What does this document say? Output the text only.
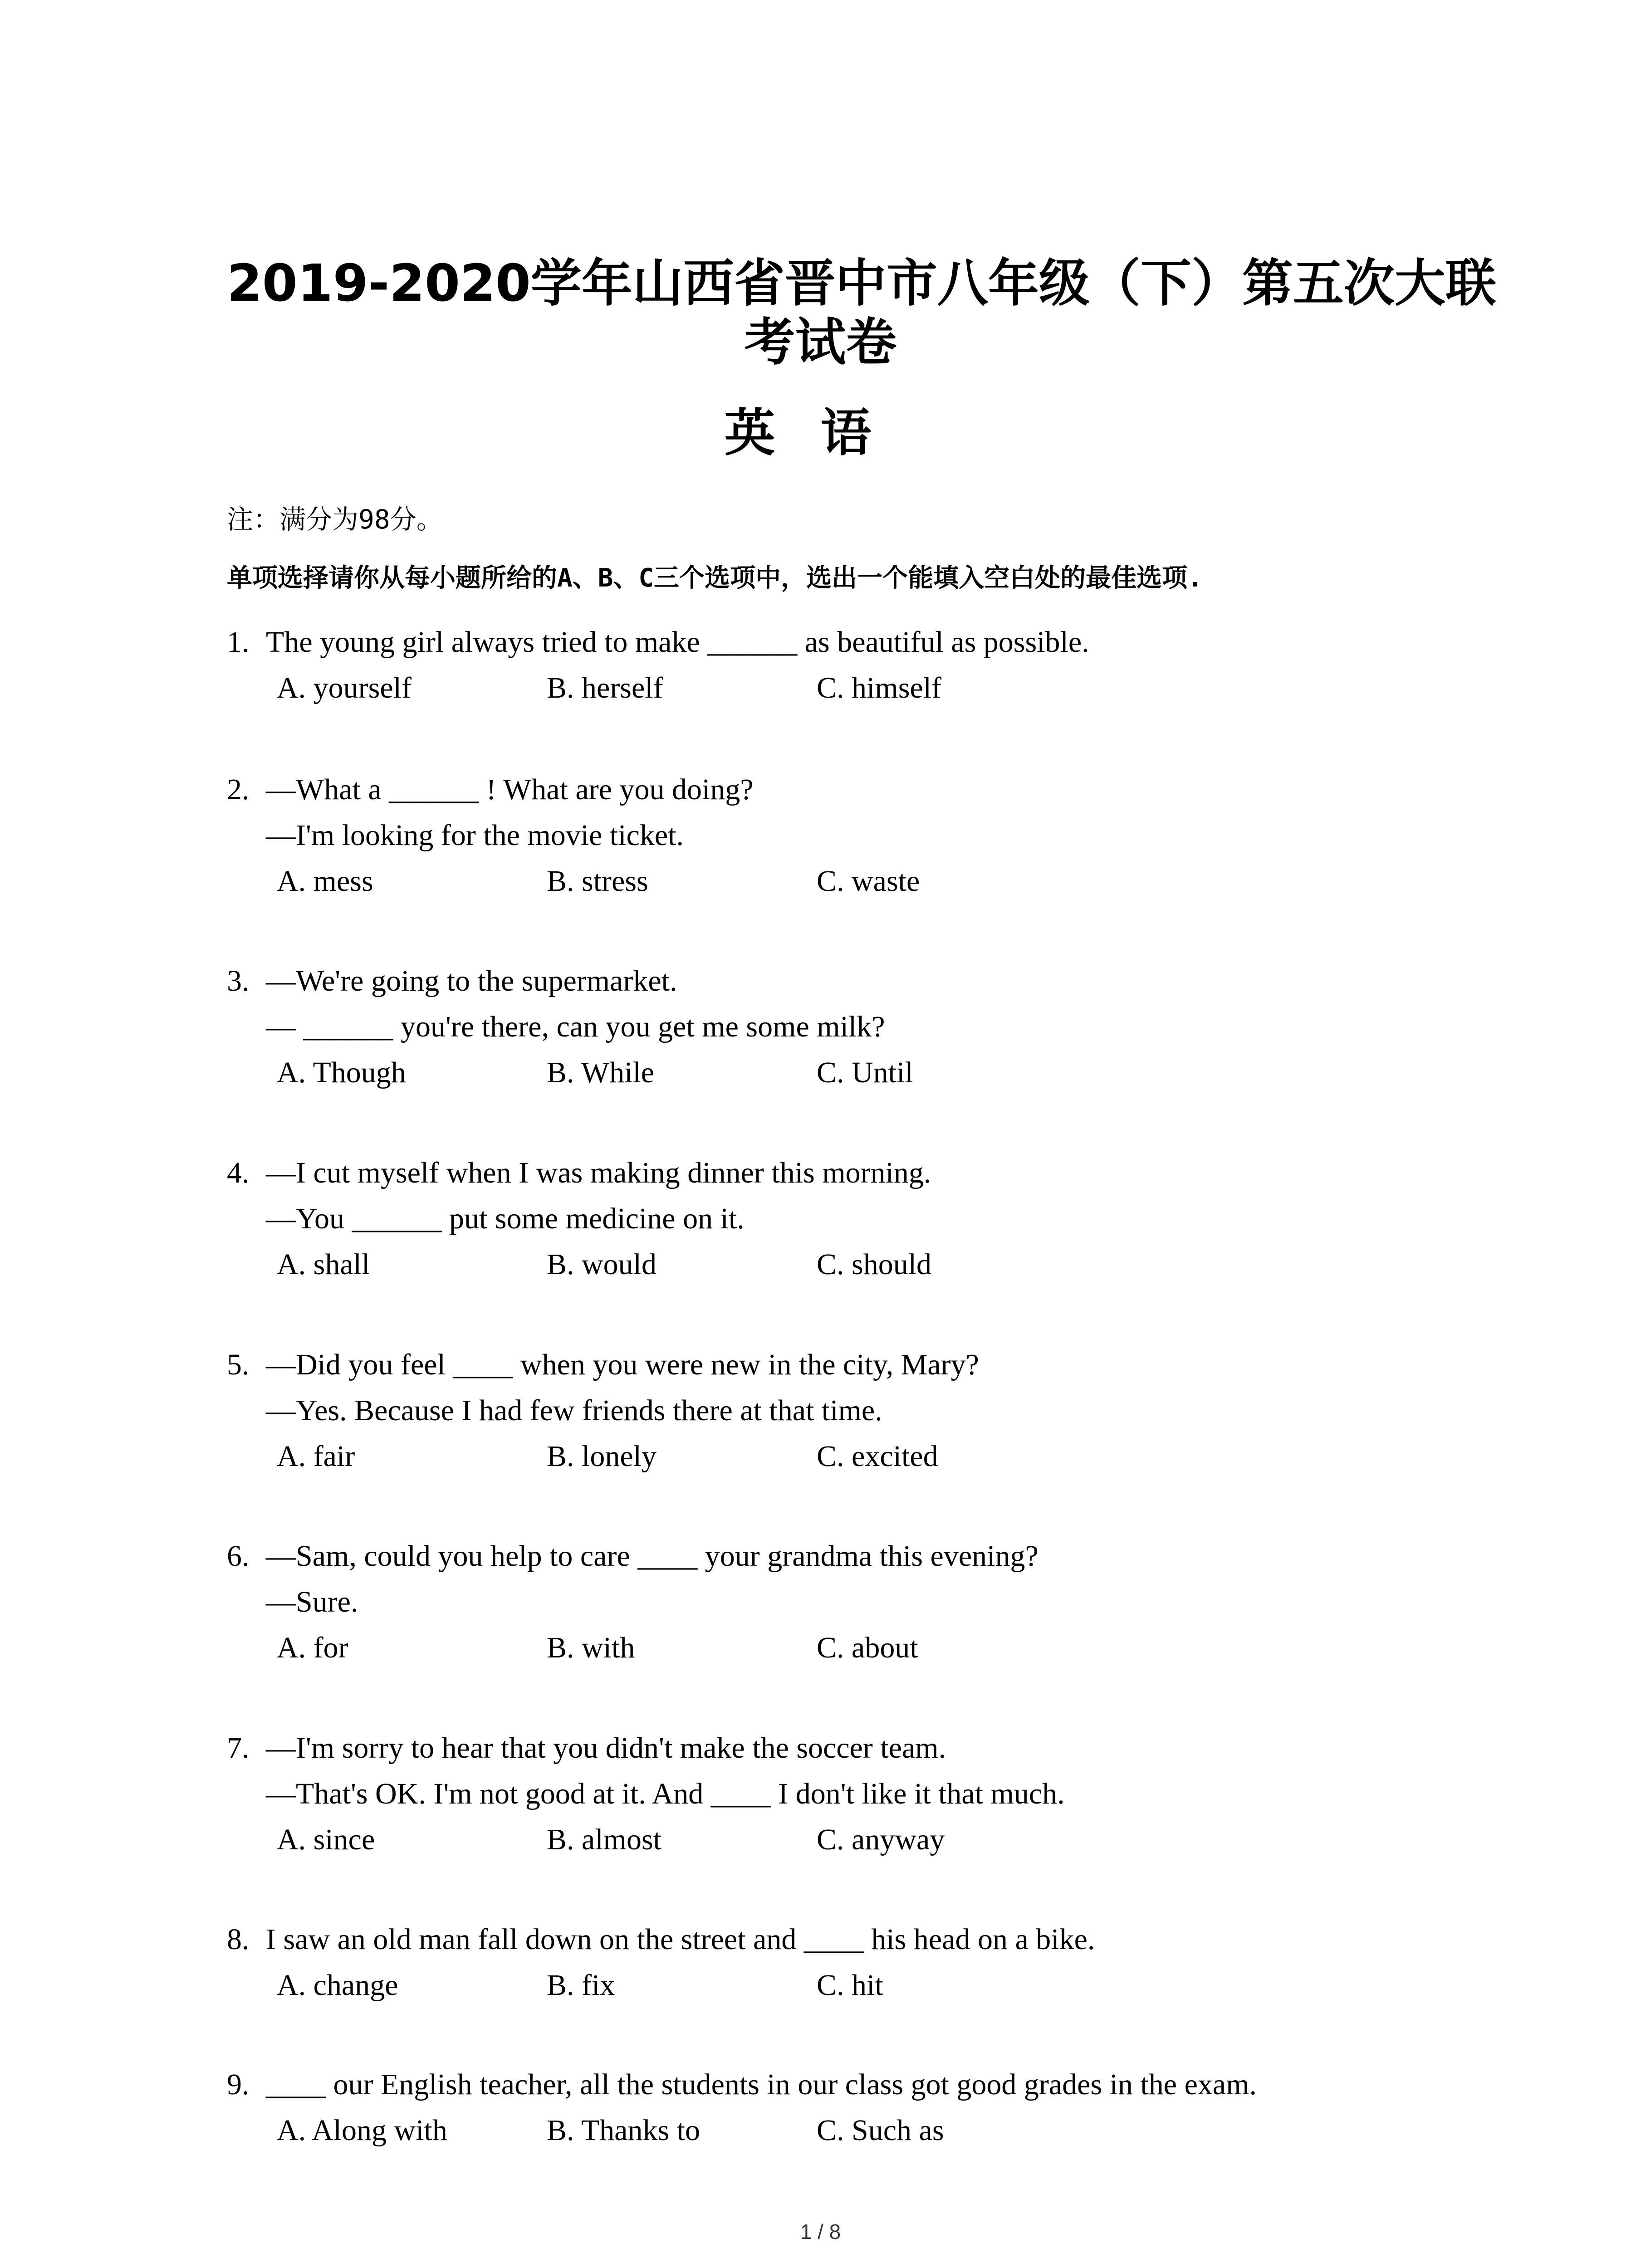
2019-2020学年山西省晋中市八年级（下）第五次大联
考试卷
英语
注：满分为98分。
单项选择请你从每小题所给的A、B、C三个选项中，选出一个能填入空白处的最佳选项.
1. The young girl always tried to make ______ as beautiful as possible.
A. yourself	B. herself	C. himself
2. —What a ______ ! What are you doing?
—I'm looking for the movie ticket.
A. mess	B. stress	C. waste
3. —We're going to the supermarket.
— ______ you're there, can you get me some milk?
A. Though	B. While	C. Until
4. —I cut myself when I was making dinner this morning.
—You ______ put some medicine on it.
A. shall	B. would	C. should
5. —Did you feel ____ when you were new in the city, Mary?
—Yes. Because I had few friends there at that time.
A. fair	B. lonely	C. excited
6. —Sam, could you help to care ____ your grandma this evening?
—Sure.
A. for	B. with	C. about
7. —I'm sorry to hear that you didn't make the soccer team.
—That's OK. I'm not good at it. And ____ I don't like it that much.
A. since	B. almost	C. anyway
8. I saw an old man fall down on the street and ____ his head on a bike.
A. change	B. fix	C. hit
9. ____ our English teacher, all the students in our class got good grades in the exam.
A. Along with	B. Thanks to	C. Such as
1 / 8
